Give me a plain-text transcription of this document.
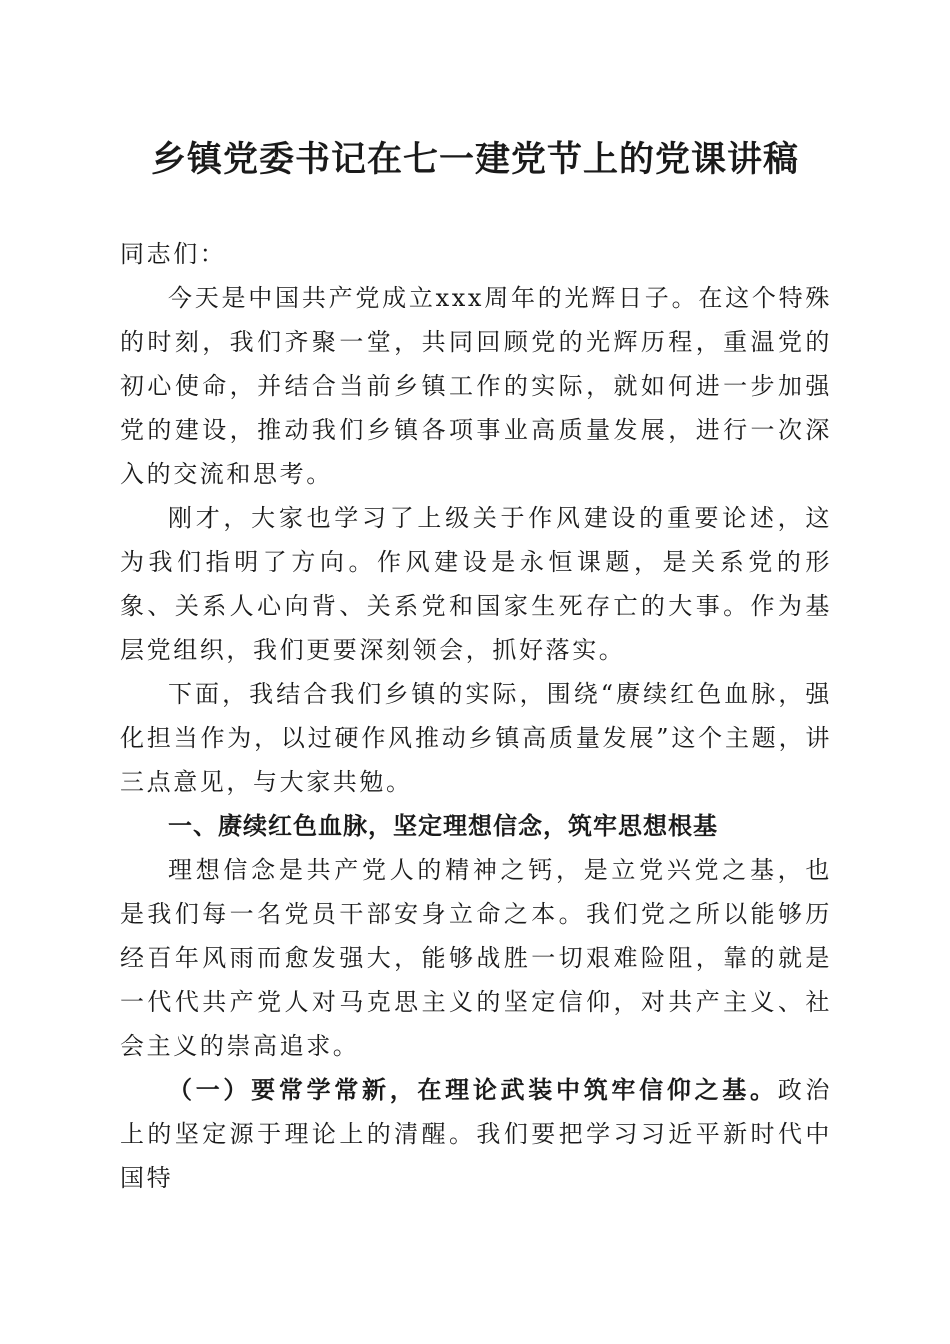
乡镇党委书记在七一建党节上的党课讲稿

同志们：

今天是中国共产党成立xxx周年的光辉日子。在这个特殊的时刻，我们齐聚一堂，共同回顾党的光辉历程，重温党的初心使命，并结合当前乡镇工作的实际，就如何进一步加强党的建设，推动我们乡镇各项事业高质量发展，进行一次深入的交流和思考。

刚才，大家也学习了上级关于作风建设的重要论述，这为我们指明了方向。作风建设是永恒课题，是关系党的形象、关系人心向背、关系党和国家生死存亡的大事。作为基层党组织，我们更要深刻领会，抓好落实。

下面，我结合我们乡镇的实际，围绕“赓续红色血脉，强化担当作为，以过硬作风推动乡镇高质量发展”这个主题，讲三点意见，与大家共勉。

一、赓续红色血脉，坚定理想信念，筑牢思想根基

理想信念是共产党人的精神之钙，是立党兴党之基，也是我们每一名党员干部安身立命之本。我们党之所以能够历经百年风雨而愈发强大，能够战胜一切艰难险阻，靠的就是一代代共产党人对马克思主义的坚定信仰，对共产主义、社会主义的崇高追求。

（一）要常学常新，在理论武装中筑牢信仰之基。政治上的坚定源于理论上的清醒。我们要把学习习近平新时代中国特
